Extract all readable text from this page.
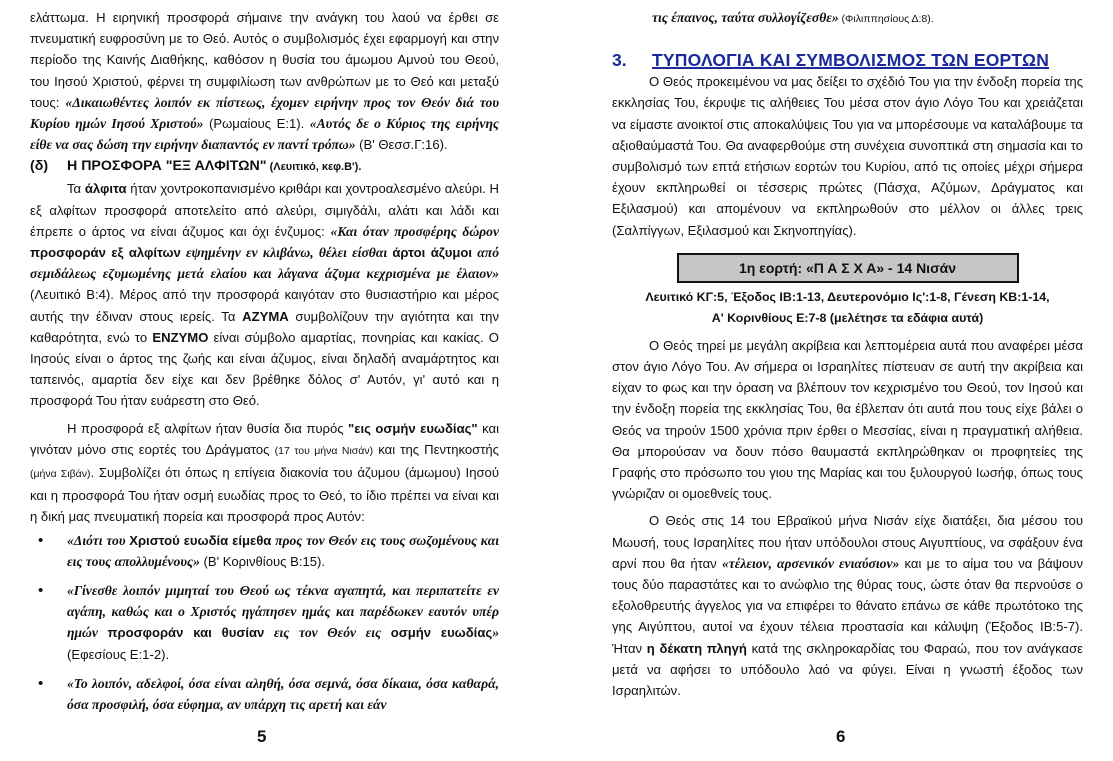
ελάττωμα. Η ειρηνική προσφορά σήμαινε την ανάγκη του λαού να έρθει σε πνευματική ευφροσύνη με το Θεό. Αυτός ο συμβολισμός έχει εφαρμογή και στην περίοδο της Καινής Διαθήκης, καθόσον η θυσία του άμωμου Αμνού του Θεού, του Ιησού Χριστού, φέρνει τη συμφιλίωση των ανθρώπων με το Θεό και μεταξύ τους: «Δικαιωθέντες λοιπόν εκ πίστεως, έχομεν ειρήνην προς τον Θεόν διά του Κυρίου ημών Ιησού Χριστού» (Ρωμαίους Ε:1). «Αυτός δε ο Κύριος της ειρήνης είθε να σας δώση την ειρήνην διαπαντός εν παντί τρόπω» (Β' Θεσσ.Γ:16).

(δ)	Η ΠΡΟΣΦΟΡΑ "ΕΞ ΑΛΦΙΤΩΝ" (Λευιτικό, κεφ.Β').

Τα άλφιτα ήταν χοντροκοπανισμένο κριθάρι και χοντροαλεσμένο αλεύρι. Η εξ αλφίτων προσφορά αποτελείτο από αλεύρι, σιμιγδάλι, αλάτι και λάδι και έπρεπε ο άρτος να είναι άζυμος και όχι ένζυμος: «Και όταν προσφέρης δώρον προσφοράν εξ αλφίτων εψημένην εν κλιβάνω, θέλει είσθαι άρτοι άζυμοι από σεμιδάλεως εζυμωμένης μετά ελαίου και λάγανα άζυμα κεχρισμένα με έλαιον» (Λευιτικό Β:4). Μέρος από την προσφορά καιγόταν στο θυσιαστήριο και μέρος αυτής την έδιναν στους ιερείς. Τα ΑΖΥΜΑ συμβολίζουν την αγιότητα και την καθαρότητα, ενώ το ΕΝΖΥΜΟ είναι σύμβολο αμαρτίας, πονηρίας και κακίας. Ο Ιησούς είναι ο άρτος της ζωής και είναι άζυμος, είναι δηλαδή αναμάρτητος και ταπεινός, αμαρτία δεν είχε και δεν βρέθηκε δόλος σ' Αυτόν, γι' αυτό και η προσφορά Του ήταν ευάρεστη στο Θεό.

Η προσφορά εξ αλφίτων ήταν θυσία δια πυρός "εις οσμήν ευωδίας" και γινόταν μόνο στις εορτές του Δράγματος (17 του μήνα Νισάν) και της Πεντηκοστής (μήνα Σιβάν). Συμβολίζει ότι όπως η επίγεια διακονία του άζυμου (άμωμου) Ιησού και η προσφορά Του ήταν οσμή ευωδίας προς το Θεό, το ίδιο πρέπει να είναι και η δική μας πνευματική πορεία και προσφορά προς Αυτόν:

• «Διότι του Χριστού ευωδία είμεθα προς τον Θεόν εις τους σωζομένους και εις τους απολλυμένους» (Β' Κορινθίους Β:15).

• «Γίνεσθε λοιπόν μιμηταί του Θεού ως τέκνα αγαπητά, και περιπατείτε εν αγάπη, καθώς και ο Χριστός ηγάπησεν ημάς και παρέδωκεν εαυτόν υπέρ ημών προσφοράν και θυσίαν εις τον Θεόν εις οσμήν ευωδίας» (Εφεσίους Ε:1-2).

• «Το λοιπόν, αδελφοί, όσα είναι αληθή, όσα σεμνά, όσα δίκαια, όσα καθαρά, όσα προσφιλή, όσα εύφημα, αν υπάρχη τις αρετή και εάν

5

τις έπαινος, ταύτα συλλογίζεσθε» (Φιλιππησίους Δ:8).

3.	ΤΥΠΟΛΟΓΙΑ ΚΑΙ ΣΥΜΒΟΛΙΣΜΟΣ ΤΩΝ ΕΟΡΤΩΝ

Ο Θεός προκειμένου να μας δείξει το σχέδιό Του για την ένδοξη πορεία της εκκλησίας Του, έκρυψε τις αλήθειες Του μέσα στον άγιο Λόγο Του και χρειάζεται να είμαστε ανοικτοί στις αποκαλύψεις Του για να μπορέσουμε να καταλάβουμε τα αξιοθαύμαστά Του. Θα αναφερθούμε στη συνέχεια συνοπτικά στη σημασία και το συμβολισμό των επτά ετήσιων εορτών του Κυρίου, από τις οποίες μέχρι σήμερα έχουν εκπληρωθεί οι τέσσερις πρώτες (Πάσχα, Αζύμων, Δράγματος και Εξιλασμού) και απομένουν να εκπληρωθούν στο μέλλον οι άλλες τρεις (Σαλπίγγων, Εξιλασμού και Σκηνοπηγίας).

1η εορτή: «Π Α Σ Χ Α» - 14 Νισάν
Λευιτικό ΚΓ:5, Έξοδος ΙΒ:1-13, Δευτερονόμιο Ις':1-8, Γένεση ΚΒ:1-14,
Α' Κορινθίους Ε:7-8 (μελέτησε τα εδάφια αυτά)

Ο Θεός τηρεί με μεγάλη ακρίβεια και λεπτομέρεια αυτά που αναφέρει μέσα στον άγιο Λόγο Του. Αν σήμερα οι Ισραηλίτες πίστευαν σε αυτή την ακρίβεια και είχαν το φως και την όραση να βλέπουν τον κεχρισμένο του Θεού, τον Ιησού και την ένδοξη πορεία της εκκλησίας Του, θα έβλεπαν ότι αυτά που τους είχε βάλει ο Θεός να τηρούν 1500 χρόνια πριν έρθει ο Μεσσίας, είναι η πραγματική αλήθεια. Θα μπορούσαν να δουν πόσο θαυμαστά εκπληρώθηκαν οι προφητείες της Γραφής στο πρόσωπο του γιου της Μαρίας και του ξυλουργού Ιωσήφ, όπως τους γνώριζαν οι ομοεθνείς τους.

Ο Θεός στις 14 του Εβραϊκού μήνα Νισάν είχε διατάξει, δια μέσου του Μωυσή, τους Ισραηλίτες που ήταν υπόδουλοι στους Αιγυπτίους, να σφάξουν ένα αρνί που θα ήταν «τέλειον, αρσενικόν ενιαύσιον» και με το αίμα του να βάψουν τους δύο παραστάτες και το ανώφλιο της θύρας τους, ώστε όταν θα περνούσε ο εξολοθρευτής άγγελος για να επιφέρει το θάνατο επάνω σε κάθε πρωτότοκο της γης Αιγύπτου, αυτοί να έχουν τέλεια προστασία και κάλυψη (Έξοδος ΙΒ:5-7). Ήταν η δέκατη πληγή κατά της σκληροκαρδίας του Φαραώ, που τον ανάγκασε μετά να αφήσει το υπόδουλο λαό να φύγει. Είναι η γνωστή έξοδος των Ισραηλιτών.

6
